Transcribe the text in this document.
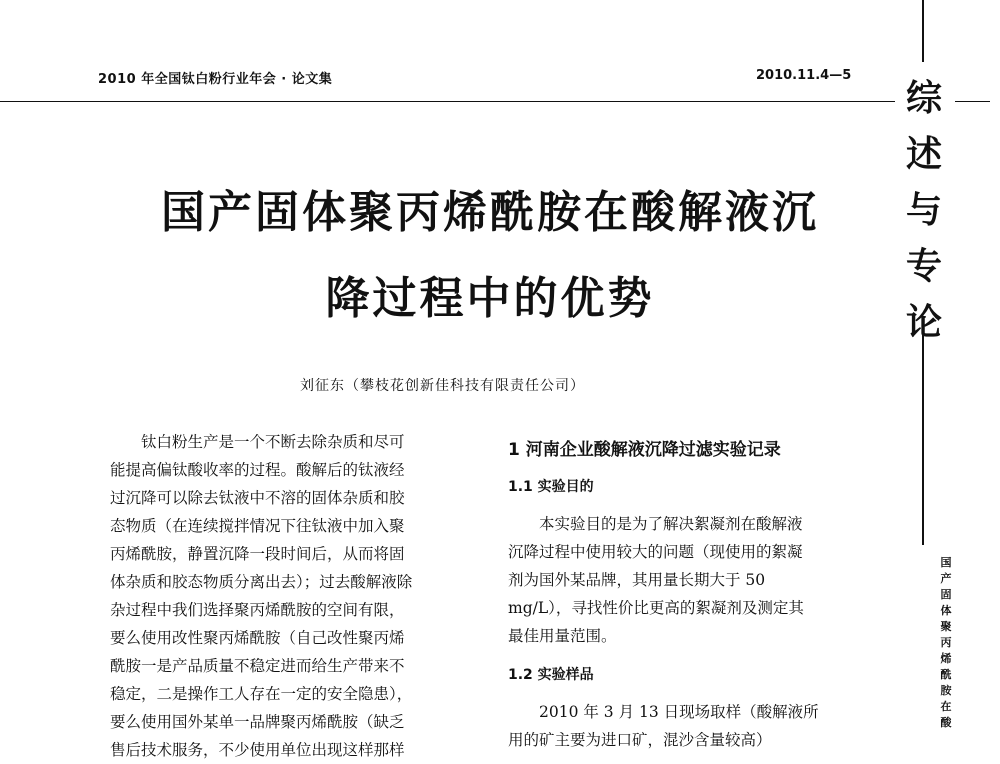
2010 年全国钛白粉行业年会 · 论文集	2010.11.4—5
综
述
与
专
论
国
产
固
体
聚
丙
烯
酰
胺
在
酸
国产固体聚丙烯酰胺在酸解液沉
降过程中的优势
刘征东（攀枝花创新佳科技有限责任公司）

钛白粉生产是一个不断去除杂质和尽可

能提高偏钛酸收率的过程。酸解后的钛液经

过沉降可以除去钛液中不溶的固体杂质和胶

态物质（在连续搅拌情况下往钛液中加入聚

丙烯酰胺，静置沉降一段时间后，从而将固

体杂质和胶态物质分离出去）；过去酸解液除

杂过程中我们选择聚丙烯酰胺的空间有限，

要么使用改性聚丙烯酰胺（自己改性聚丙烯

酰胺一是产品质量不稳定进而给生产带来不

稳定，二是操作工人存在一定的安全隐患），

要么使用国外某单一品牌聚丙烯酰胺（缺乏

售后技术服务，不少使用单位出现这样那样

1 河南企业酸解液沉降过滤实验记录
1.1 实验目的

本实验目的是为了解决絮凝剂在酸解液

沉降过程中使用较大的问题（现使用的絮凝

剂为国外某品牌，其用量长期大于 50

mg/L），寻找性价比更高的絮凝剂及测定其

最佳用量范围。

1.2 实验样品

2010 年 3 月 13 日现场取样（酸解液所

用的矿主要为进口矿，混沙含量较高）
